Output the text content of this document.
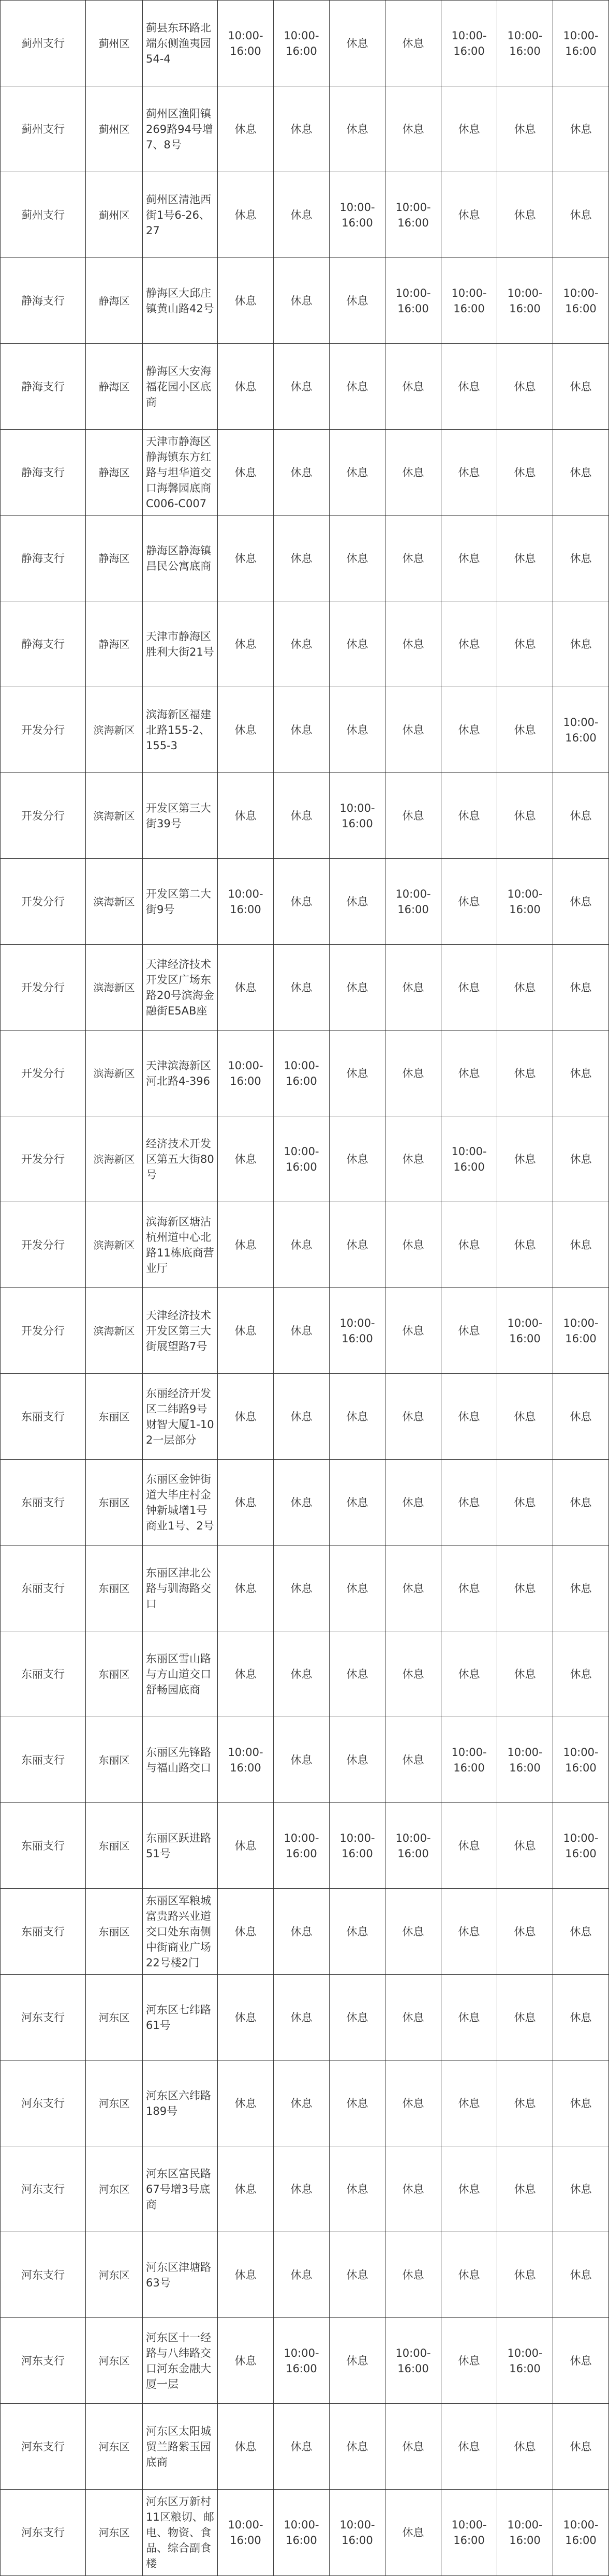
蓟州支行	蓟州区	蓟县东环路北端东侧渔夷园54-4	10:00-16:00	10:00-16:00	休息	休息	10:00-16:00	10:00-16:00	10:00-16:00
蓟州支行	蓟州区	蓟州区渔阳镇269路94号增7、8号	休息	休息	休息	休息	休息	休息	休息
蓟州支行	蓟州区	蓟州区清池西街1号6-26、27	休息	休息	10:00-16:00	10:00-16:00	休息	休息	休息
静海支行	静海区	静海区大邱庄镇黄山路42号	休息	休息	休息	10:00-16:00	10:00-16:00	10:00-16:00	10:00-16:00
静海支行	静海区	静海区大安海福花园小区底商	休息	休息	休息	休息	休息	休息	休息
静海支行	静海区	天津市静海区静海镇东方红路与坦华道交口海馨园底商C006-C007	休息	休息	休息	休息	休息	休息	休息
静海支行	静海区	静海区静海镇昌民公寓底商	休息	休息	休息	休息	休息	休息	休息
静海支行	静海区	天津市静海区胜利大街21号	休息	休息	休息	休息	休息	休息	休息
开发分行	滨海新区	滨海新区福建北路155-2、155-3	休息	休息	休息	休息	休息	休息	10:00-16:00
开发分行	滨海新区	开发区第三大街39号	休息	休息	10:00-16:00	休息	休息	休息	休息
开发分行	滨海新区	开发区第二大街9号	10:00-16:00	休息	休息	10:00-16:00	休息	10:00-16:00	休息
开发分行	滨海新区	天津经济技术开发区广场东路20号滨海金融街E5AB座	休息	休息	休息	休息	休息	休息	休息
开发分行	滨海新区	天津滨海新区河北路4-396	10:00-16:00	10:00-16:00	休息	休息	休息	休息	休息
开发分行	滨海新区	经济技术开发区第五大街80号	休息	10:00-16:00	休息	休息	10:00-16:00	休息	休息
开发分行	滨海新区	滨海新区塘沽杭州道中心北路11栋底商营业厅	休息	休息	休息	休息	休息	休息	休息
开发分行	滨海新区	天津经济技术开发区第三大街展望路7号	休息	休息	10:00-16:00	休息	休息	10:00-16:00	10:00-16:00
东丽支行	东丽区	东丽经济开发区二纬路9号财智大厦1-102一层部分	休息	休息	休息	休息	休息	休息	休息
东丽支行	东丽区	东丽区金钟街道大毕庄村金钟新城增1号商业1号、2号	休息	休息	休息	休息	休息	休息	休息
东丽支行	东丽区	东丽区津北公路与驯海路交口	休息	休息	休息	休息	休息	休息	休息
东丽支行	东丽区	东丽区雪山路与方山道交口舒畅园底商	休息	休息	休息	休息	休息	休息	休息
东丽支行	东丽区	东丽区先锋路与福山路交口	10:00-16:00	休息	休息	休息	10:00-16:00	10:00-16:00	10:00-16:00
东丽支行	东丽区	东丽区跃进路51号	休息	10:00-16:00	10:00-16:00	10:00-16:00	休息	休息	10:00-16:00
东丽支行	东丽区	东丽区军粮城富贵路兴业道交口处东南侧中街商业广场22号楼2门	休息	休息	休息	休息	休息	休息	休息
河东支行	河东区	河东区七纬路61号	休息	休息	休息	休息	休息	休息	休息
河东支行	河东区	河东区六纬路189号	休息	休息	休息	休息	休息	休息	休息
河东支行	河东区	河东区富民路67号增3号底商	休息	休息	休息	休息	休息	休息	休息
河东支行	河东区	河东区津塘路63号	休息	休息	休息	休息	休息	休息	休息
河东支行	河东区	河东区十一经路与八纬路交口河东金融大厦一层	休息	10:00-16:00	休息	10:00-16:00	休息	10:00-16:00	休息
河东支行	河东区	河东区太阳城贸兰路紫玉园底商	休息	休息	休息	休息	休息	休息	休息
河东支行	河东区	河东区万新村11区粮切、邮电、物资、食品、综合副食楼	10:00-16:00	10:00-16:00	10:00-16:00	休息	10:00-16:00	10:00-16:00	10:00-16:00
